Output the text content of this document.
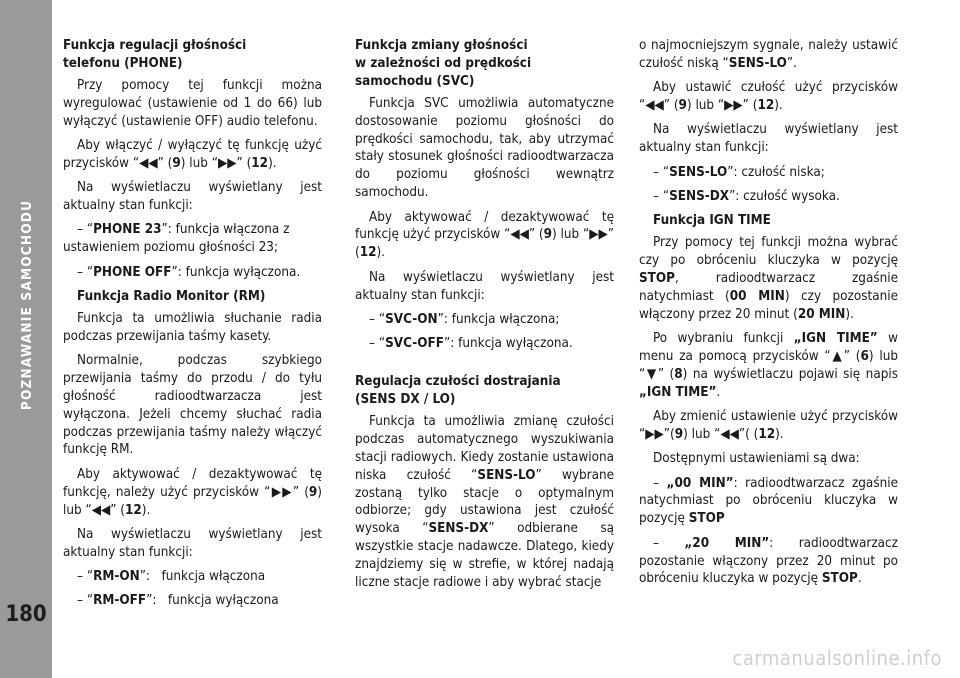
POZNAWANIE SAMOCHODU
180

Funkcja regulacji głośności
telefonu (PHONE)

Przy pomocy tej funkcji można wyregulować (ustawienie od 1 do 66) lub wyłączyć (ustawienie OFF) audio telefonu.

Aby włączyć / wyłączyć tę funkcję użyć przycisków “◀◀” (9) lub “▶▶” (12).

Na wyświetlaczu wyświetlany jest aktualny stan funkcji:

– “PHONE 23”: funkcja włączona z ustawieniem poziomu głośności 23;

– “PHONE OFF”: funkcja wyłączona.

Funkcja Radio Monitor (RM)

Funkcja ta umożliwia słuchanie radia podczas przewijania taśmy kasety.

Normalnie, podczas szybkiego przewijania taśmy do przodu / do tyłu głośność radioodtwarzacza jest wyłączona. Jeżeli chcemy słuchać radia podczas przewijania taśmy należy włączyć funkcję RM.

Aby aktywować / dezaktywować tę funkcję, należy użyć przycisków “▶▶” (9) lub “◀◀” (12).

Na wyświetlaczu wyświetlany jest aktualny stan funkcji:

– “RM-ON”:   funkcja włączona

– “RM-OFF”:   funkcja wyłączona

Funkcja zmiany głośności
w zależności od prędkości
samochodu (SVC)

Funkcja SVC umożliwia automatyczne dostosowanie poziomu głośności do prędkości samochodu, tak, aby utrzymać stały stosunek głośności radioodtwarzacza do poziomu głośności wewnątrz samochodu.

Aby aktywować / dezaktywować tę funkcję użyć przycisków “◀◀” (9) lub “▶▶” (12).

Na wyświetlaczu wyświetlany jest aktualny stan funkcji:

– “SVC-ON”: funkcja włączona;

– “SVC-OFF”: funkcja wyłączona.

Regulacja czułości dostrajania
(SENS DX / LO)

Funkcja ta umożliwia zmianę czułości podczas automatycznego wyszukiwania stacji radiowych. Kiedy zostanie ustawiona niska czułość “SENS-LO” wybrane zostaną tylko stacje o optymalnym odbiorze; gdy ustawiona jest czułość wysoka “SENS-DX” odbierane są wszystkie stacje nadawcze. Dlatego, kiedy znajdziemy się w strefie, w której nadają liczne stacje radiowe i aby wybrać stacje

o najmocniejszym sygnale, należy ustawić czułość niską “SENS-LO”.

Aby ustawić czułość użyć przycisków “◀◀” (9) lub “▶▶” (12).

Na wyświetlaczu wyświetlany jest aktualny stan funkcji:

– “SENS-LO”: czułość niska;

– “SENS-DX”: czułość wysoka.

Funkcja IGN TIME

Przy pomocy tej funkcji można wybrać czy po obróceniu kluczyka w pozycję STOP, radioodtwarzacz zgaśnie natychmiast (00 MIN) czy pozostanie włączony przez 20 minut (20 MIN).

Po wybraniu funkcji „IGN TIME” w menu za pomocą przycisków “▲” (6) lub “▼” (8) na wyświetlaczu pojawi się napis „IGN TIME”.

Aby zmienić ustawienie użyć przycisków “▶▶”(9) lub “◀◀”( (12).

Dostępnymi ustawieniami są dwa:

– „00 MIN”: radioodtwarzacz zgaśnie natychmiast po obróceniu kluczyka w pozycję STOP

– „20 MIN”: radioodtwarzacz pozostanie włączony przez 20 minut po obróceniu kluczyka w pozycję STOP.

carmanualsonline.info
